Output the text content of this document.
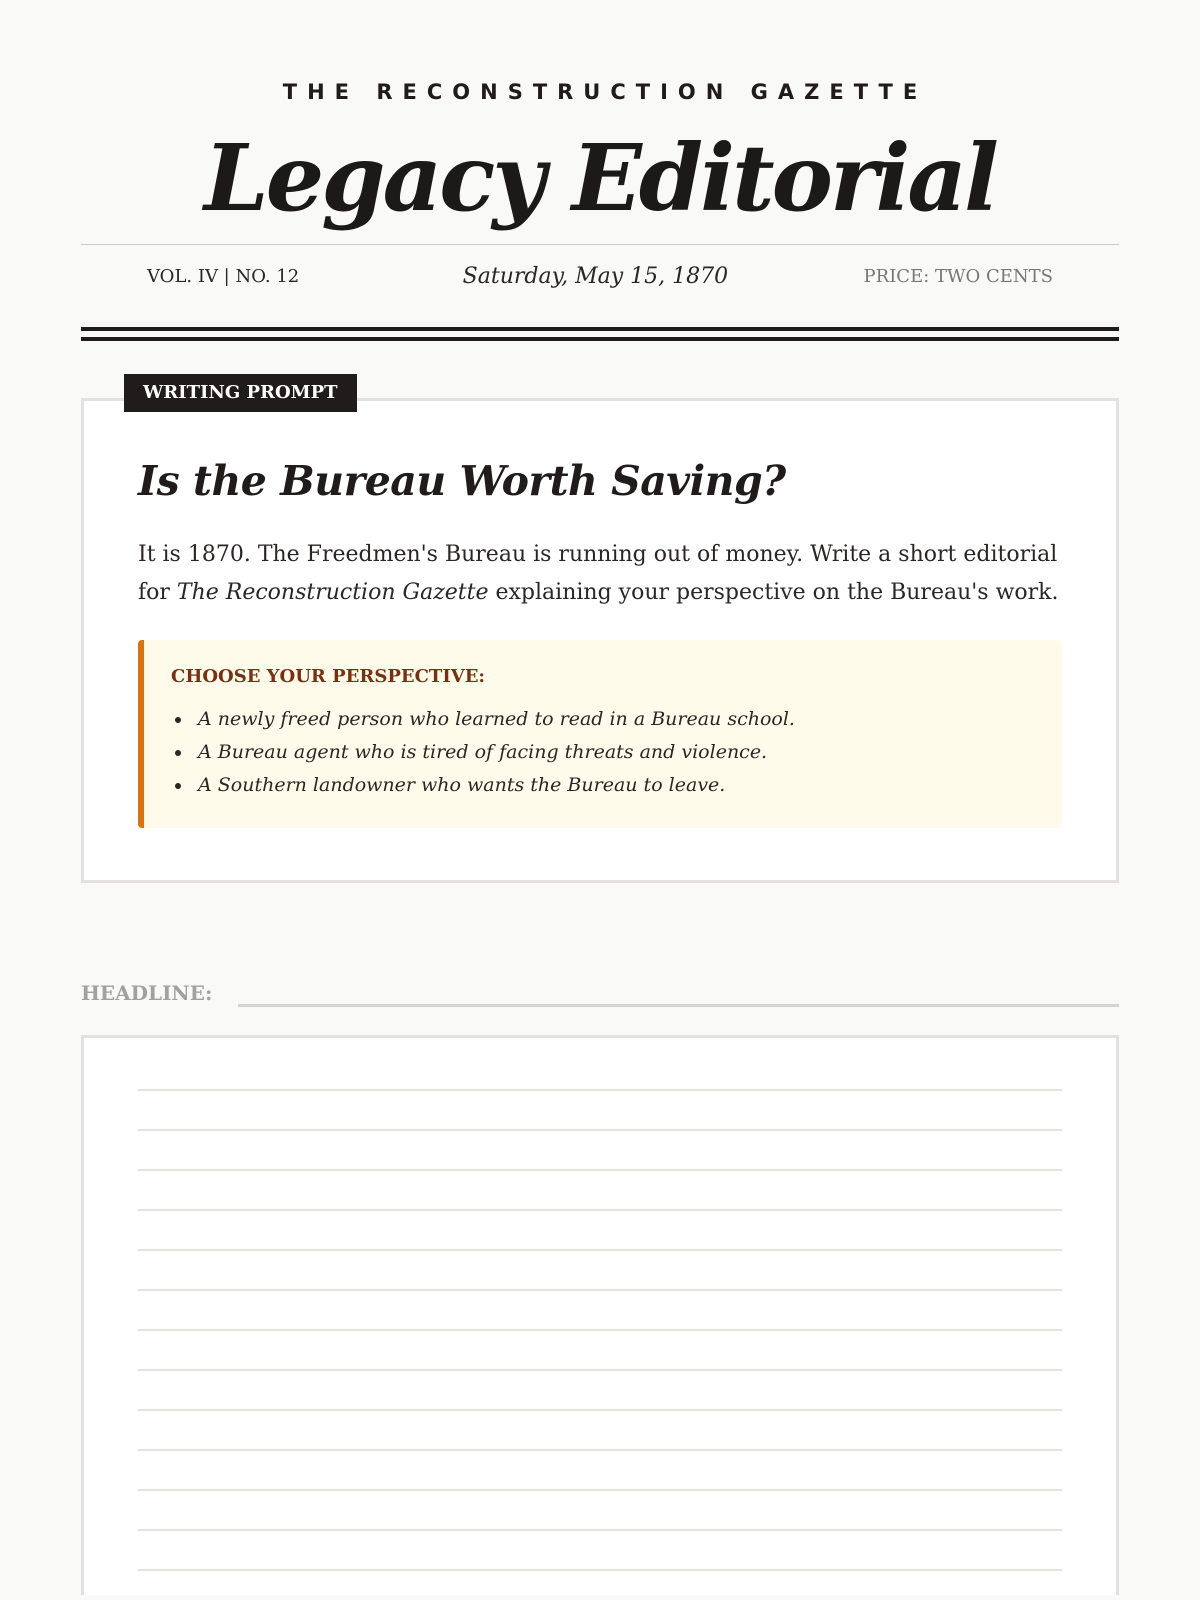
THE RECONSTRUCTION GAZETTE
Legacy Editorial
VOL. IV | NO. 12	Saturday, May 15, 1870	PRICE: TWO CENTS
WRITING PROMPT
Is the Bureau Worth Saving?

It is 1870. The Freedmen's Bureau is running out of money. Write a short editorial for The Reconstruction Gazette explaining your perspective on the Bureau's work.

CHOOSE YOUR PERSPECTIVE:
A newly freed person who learned to read in a Bureau school.
A Bureau agent who is tired of facing threats and violence.
A Southern landowner who wants the Bureau to leave.
HEADLINE:
